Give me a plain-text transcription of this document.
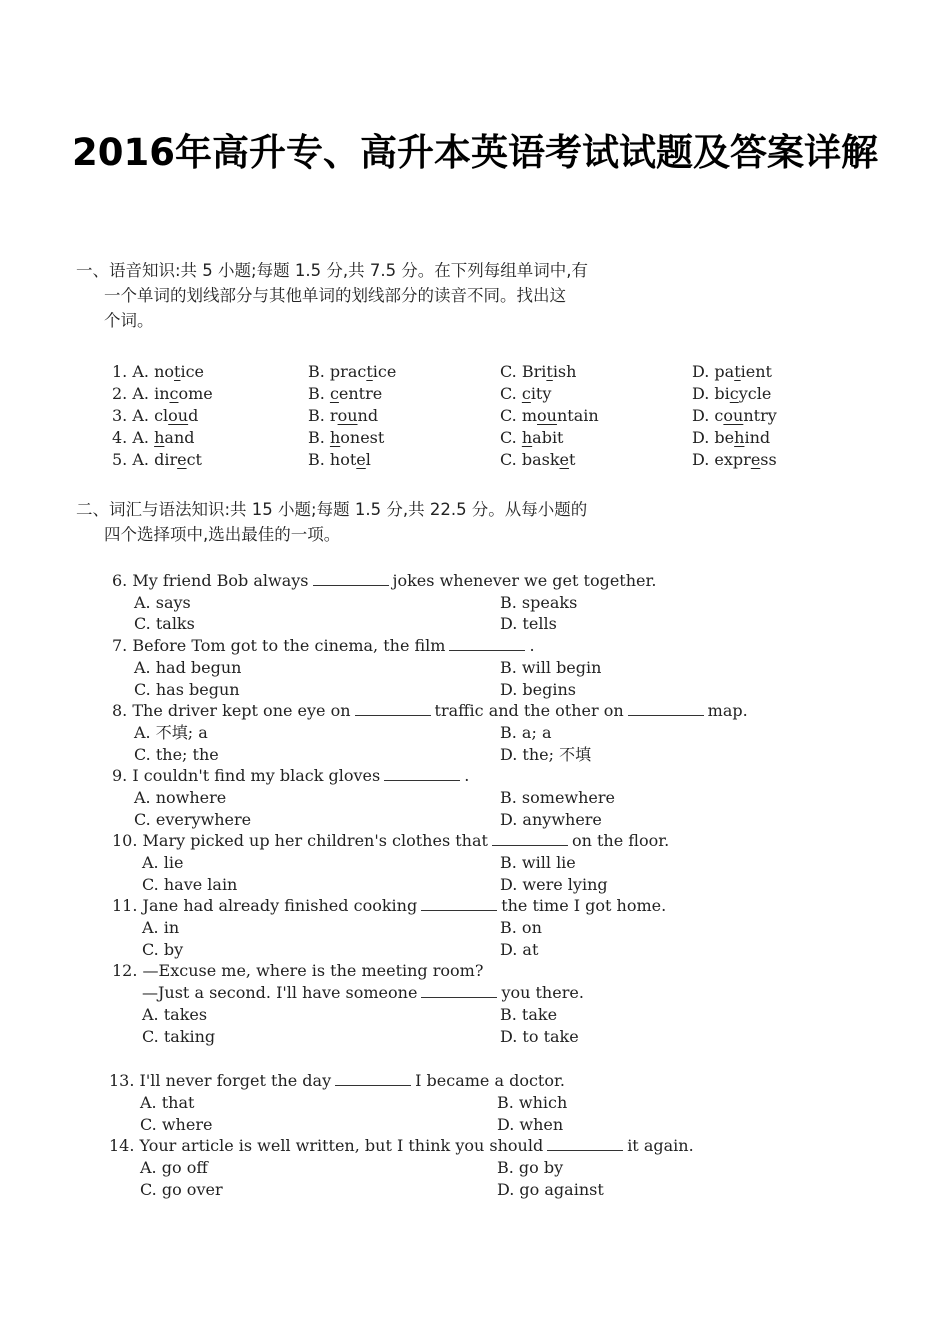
2016年高升专、高升本英语考试试题及答案详解
一、语音知识:共 5 小题;每题 1.5 分,共 7.5 分。在下列每组单词中,有
一个单词的划线部分与其他单词的划线部分的读音不同。找出这
个词。
1. A. notice	B. practice	C. British	D. patient
2. A. income	B. centre	C. city	D. bicycle
3. A. cloud	B. round	C. mountain	D. country
4. A. hand	B. honest	C. habit	D. behind
5. A. direct	B. hotel	C. basket	D. express
二、词汇与语法知识:共 15 小题;每题 1.5 分,共 22.5 分。从每小题的
四个选择项中,选出最佳的一项。
6. My friend Bob always	jokes whenever we get together.
A. says	B. speaks
C. talks	D. tells
7. Before Tom got to the cinema, the film	.
A. had begun	B. will begin
C. has begun	D. begins
8. The driver kept one eye on	traffic and the other on	map.
A. 不填; a	B. a; a
C. the; the	D. the; 不填
9. I couldn't find my black gloves	.
A. nowhere	B. somewhere
C. everywhere	D. anywhere
10. Mary picked up her children's clothes that	on the floor.
A. lie	B. will lie
C. have lain	D. were lying
11. Jane had already finished cooking	the time I got home.
A. in	B. on
C. by	D. at
12. —Excuse me, where is the meeting room?
—Just a second. I'll have someone	you there.
A. takes	B. take
C. taking	D. to take
13. I'll never forget the day	I became a doctor.
A. that	B. which
C. where	D. when
14. Your article is well written, but I think you should	it again.
A. go off	B. go by
C. go over	D. go against
